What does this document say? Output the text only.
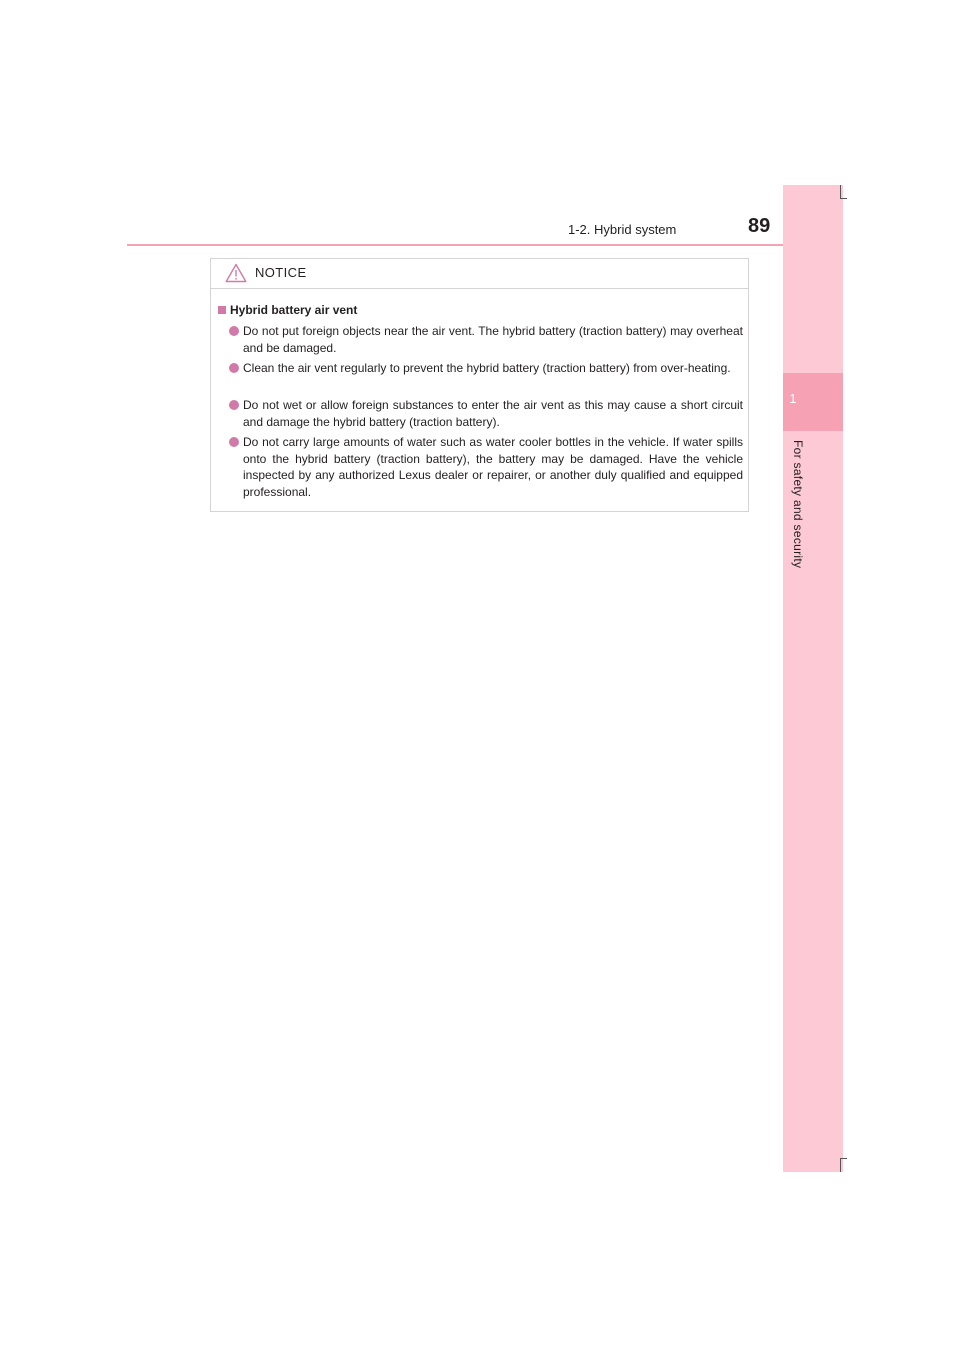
1-2. Hybrid system	89
1
For safety and security
NOTICE
Hybrid battery air vent
Do not put foreign objects near the air vent. The hybrid battery (traction battery) may overheat and be damaged.
Clean the air vent regularly to prevent the hybrid battery (traction battery) from over-heating.
Do not wet or allow foreign substances to enter the air vent as this may cause a short circuit and damage the hybrid battery (traction battery).
Do not carry large amounts of water such as water cooler bottles in the vehicle. If water spills onto the hybrid battery (traction battery), the battery may be damaged. Have the vehicle inspected by any authorized Lexus dealer or repairer, or another duly qualified and equipped professional.
